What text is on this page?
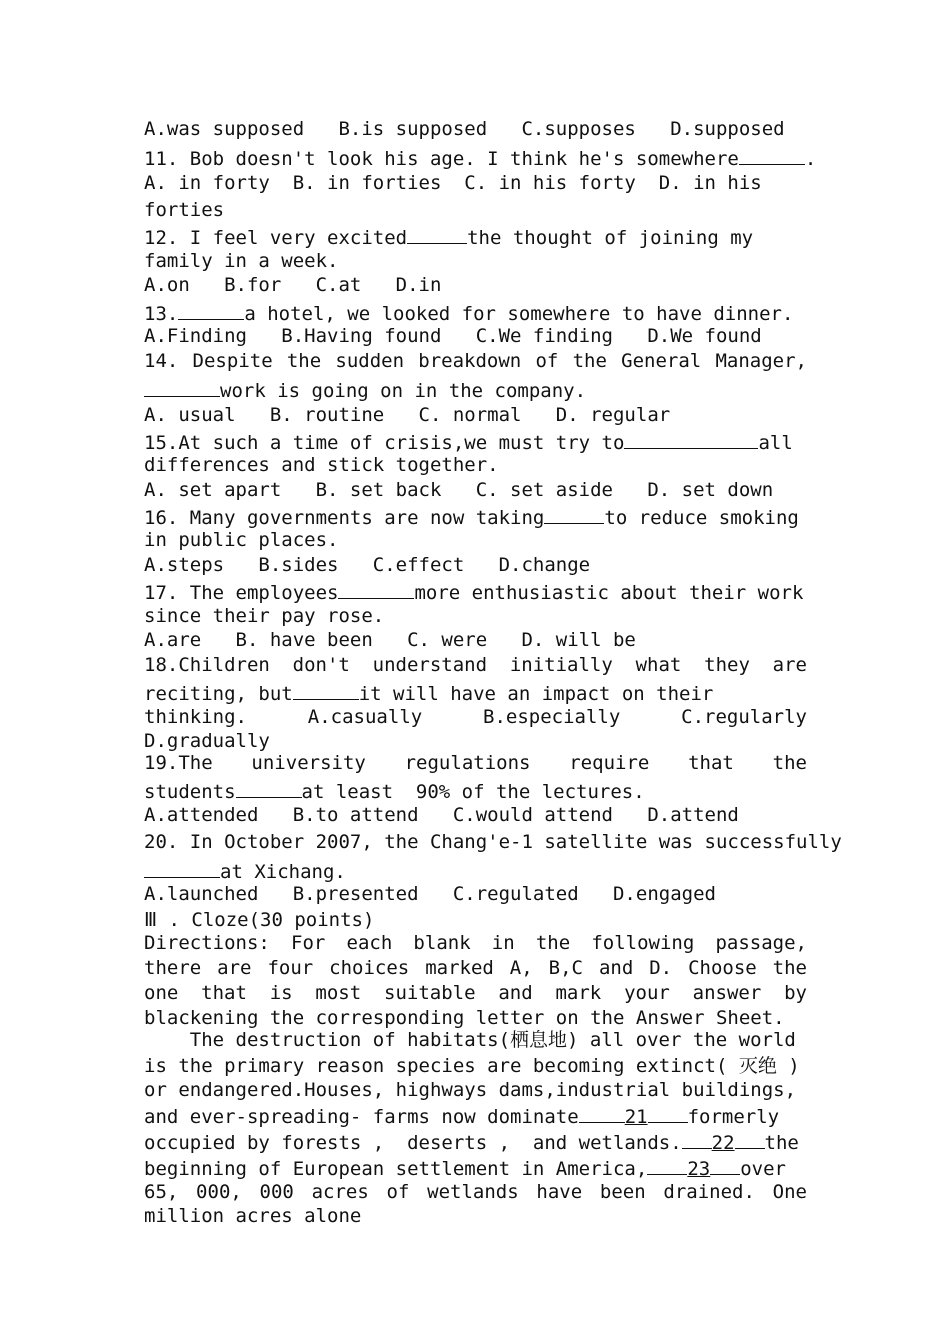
A.was supposed   B.is supposed   C.supposes   D.supposed
11. Bob doesn't look his age. I think he's somewhere	.
A. in forty  B. in forties  C. in his forty  D. in his
forties
12. I feel very excited	the thought of joining my
family in a week.
A.on   B.for   C.at   D.in
13.	a hotel, we looked for somewhere to have dinner.
A.Finding   B.Having found   C.We finding   D.We found
14. Despite the sudden breakdown of the General Manager,
work is going on in the company.
A. usual   B. routine   C. normal   D. regular
15.At such a time of crisis,we must try to	all
differences and stick together.
A. set apart   B. set back   C. set aside   D. set down
16. Many governments are now taking	to reduce smoking
in public places.
A.steps   B.sides   C.effect   D.change
17. The employees	more enthusiastic about their work
since their pay rose.
A.are   B. have been   C. were   D. will be
18.Children don't understand initially what they are
reciting, but	it will have an impact on their
thinking. A.casually B.especially C.regularly
D.gradually
19.The university regulations require that the
students	at least  90% of the lectures.
A.attended   B.to attend   C.would attend   D.attend
20. In October 2007, the Chang'e-1 satellite was successfully
at Xichang.
A.launched   B.presented   C.regulated   D.engaged
Ⅲ . Cloze(30 points)
Directions: For each blank in the following passage,
there are four choices marked A, B,C and D. Choose the
one that is most suitable and mark your answer by
blackening the corresponding letter on the Answer Sheet.
The destruction of habitats(栖息地) all over the world
is the primary reason species are becoming extinct( 灭绝 )
or endangered.Houses, highways dams,industrial buildings,
and ever-spreading- farms now dominate 21 formerly
occupied by forests ,  deserts ,  and wetlands. 22 the
beginning of European settlement in America, 23 over
65, 000, 000 acres of wetlands have been drained. One
million acres alone
